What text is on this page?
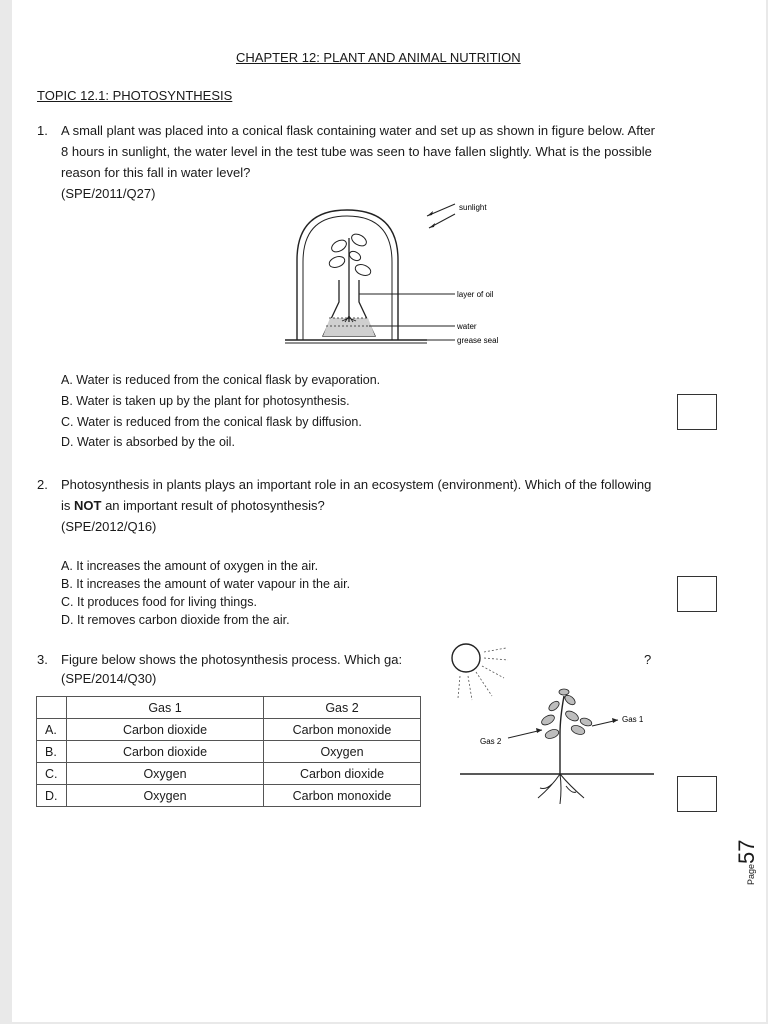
CHAPTER 12: PLANT AND ANIMAL NUTRITION
TOPIC 12.1: PHOTOSYNTHESIS
1. A small plant was placed into a conical flask containing water and set up as shown in figure below. After
8 hours in sunlight, the water level in the test tube was seen to have fallen slightly. What is the possible
reason for this fall in water level?
(SPE/2011/Q27)
sunlight
layer of oil
water
grease seal
A. Water is reduced from the conical flask by evaporation.
B. Water is taken up by the plant for photosynthesis.
C. Water is reduced from the conical flask by diffusion.
D. Water is absorbed by the oil.
2. Photosynthesis in plants plays an important role in an ecosystem (environment). Which of the following
is NOT an important result of photosynthesis?
(SPE/2012/Q16)
A. It increases the amount of oxygen in the air.
B. It increases the amount of water vapour in the air.
C. It produces food for living things.
D. It removes carbon dioxide from the air.
3. Figure below shows the photosynthesis process. Which ga:	?
(SPE/2014/Q30)
	Gas 1	Gas 2
A.	Carbon dioxide	Carbon monoxide
B.	Carbon dioxide	Oxygen
C.	Oxygen	Carbon dioxide
D.	Oxygen	Carbon monoxide
Gas 1
Gas 2
Page57
